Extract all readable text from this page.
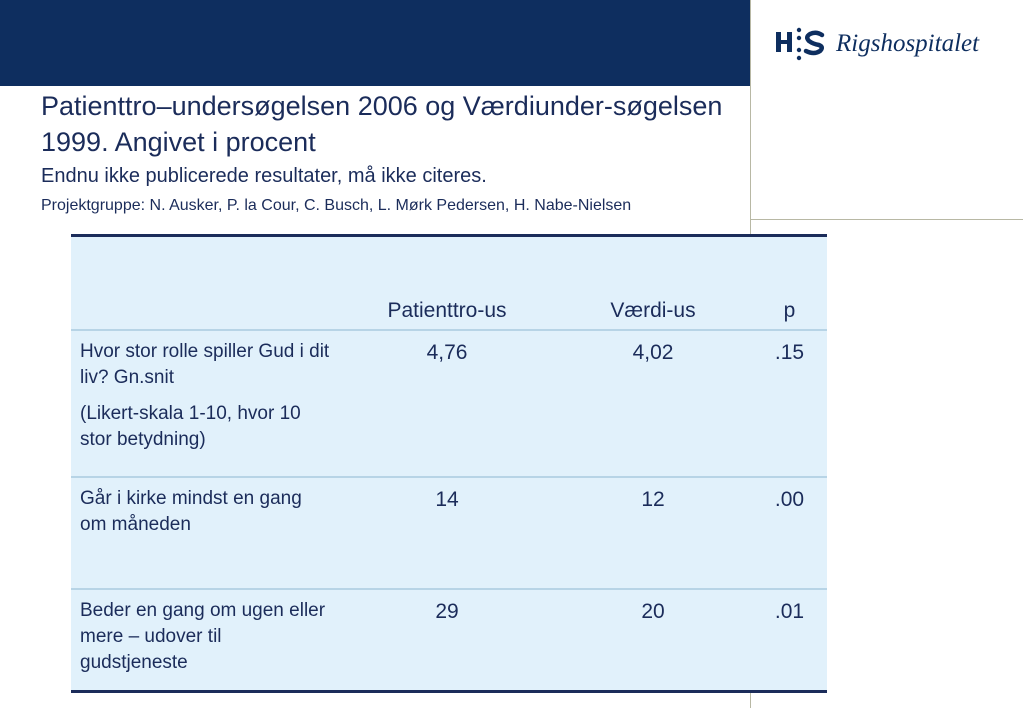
Rigshospitalet
Patienttro–undersøgelsen 2006 og Værdiunder-søgelsen 1999. Angivet i procent
Endnu ikke publicerede resultater, må ikke citeres.
Projektgruppe: N. Ausker, P. la Cour, C. Busch, L. Mørk Pedersen, H. Nabe-Nielsen
	Patienttro-us	Værdi-us	p

Hvor stor rolle spiller Gud i dit liv? Gn.snit

(Likert-skala 1-10, hvor 10 stor betydning)	4,76	4,02	.15

Går i kirke mindst en gang om måneden	14	12	.00

Beder en gang om ugen eller mere – udover til gudstjeneste	29	20	.01
